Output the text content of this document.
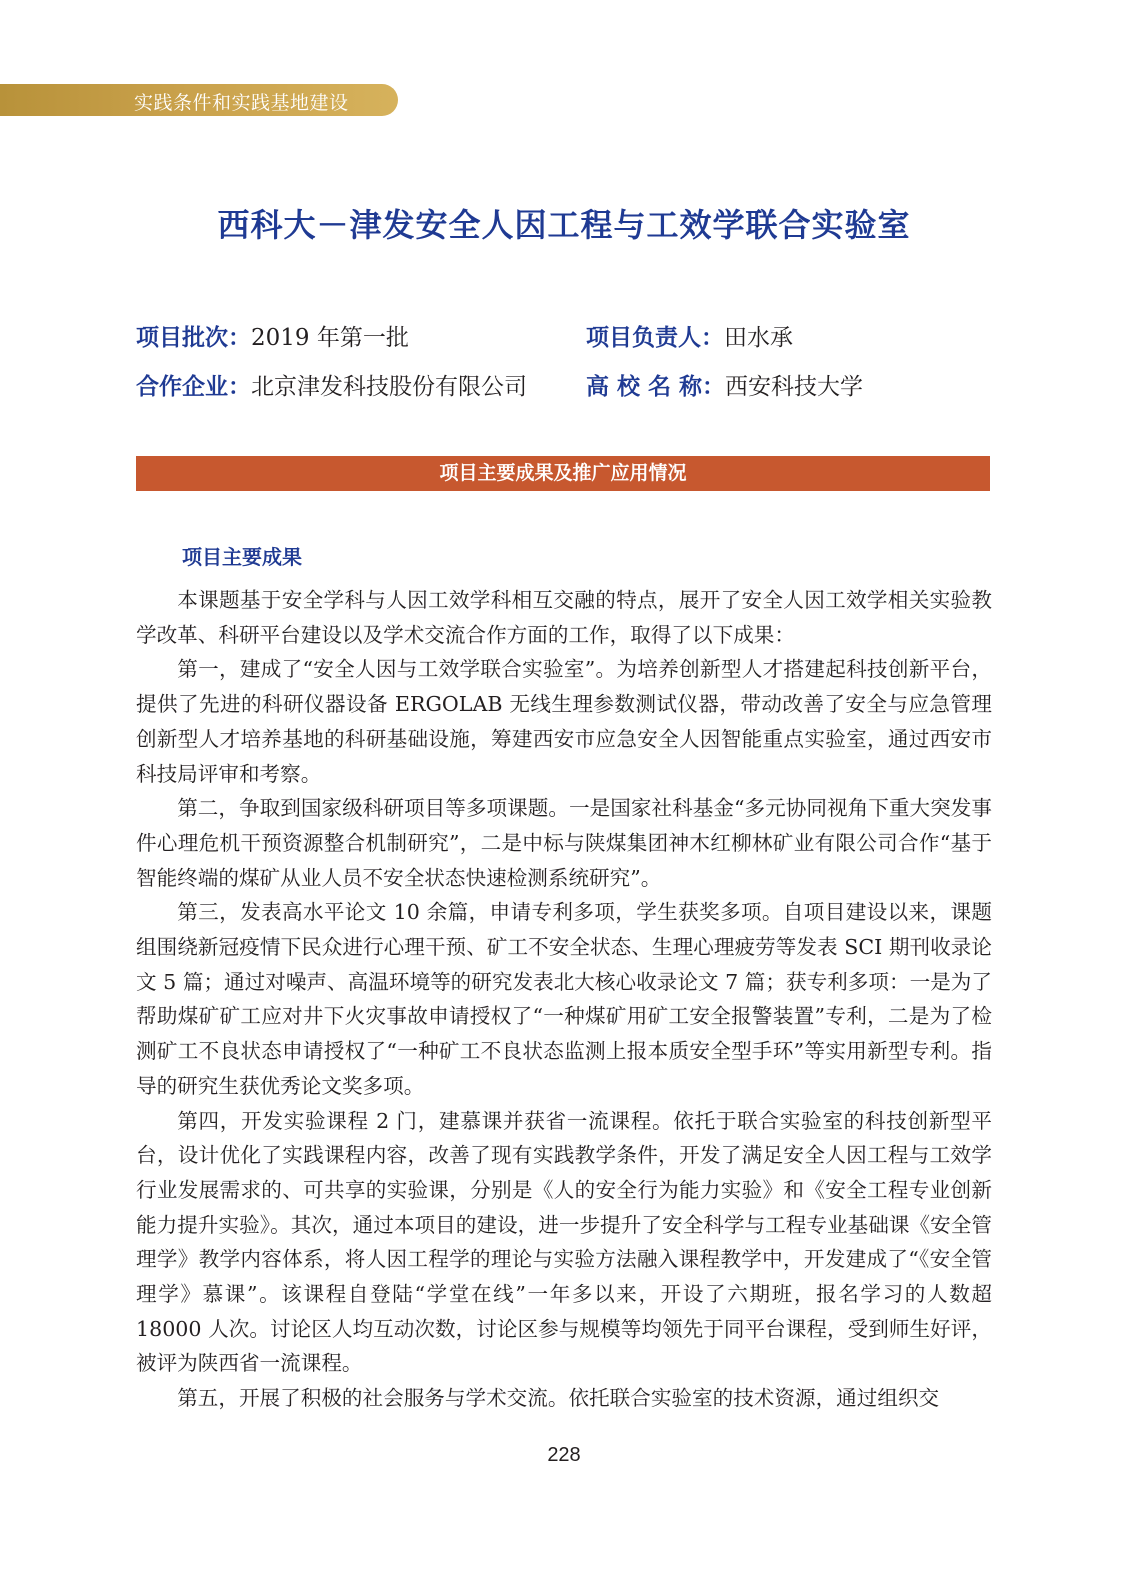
实践条件和实践基地建设
西科大－津发安全人因工程与工效学联合实验室
项目批次：2019 年第一批	项目负责人：田水承
合作企业：北京津发科技股份有限公司	高 校 名 称：西安科技大学
项目主要成果及推广应用情况
项目主要成果

本课题基于安全学科与人因工效学科相互交融的特点，展开了安全人因工效学相关实验教学改革、科研平台建设以及学术交流合作方面的工作，取得了以下成果：

第一，建成了“安全人因与工效学联合实验室”。为培养创新型人才搭建起科技创新平台，提供了先进的科研仪器设备 ERGOLAB 无线生理参数测试仪器，带动改善了安全与应急管理创新型人才培养基地的科研基础设施，筹建西安市应急安全人因智能重点实验室，通过西安市科技局评审和考察。

第二，争取到国家级科研项目等多项课题。一是国家社科基金“多元协同视角下重大突发事件心理危机干预资源整合机制研究”，二是中标与陕煤集团神木红柳林矿业有限公司合作“基于智能终端的煤矿从业人员不安全状态快速检测系统研究”。

第三，发表高水平论文 10 余篇，申请专利多项，学生获奖多项。自项目建设以来，课题组围绕新冠疫情下民众进行心理干预、矿工不安全状态、生理心理疲劳等发表 SCI 期刊收录论文 5 篇；通过对噪声、高温环境等的研究发表北大核心收录论文 7 篇；获专利多项：一是为了帮助煤矿矿工应对井下火灾事故申请授权了“一种煤矿用矿工安全报警装置”专利，二是为了检测矿工不良状态申请授权了“一种矿工不良状态监测上报本质安全型手环”等实用新型专利。指导的研究生获优秀论文奖多项。

第四，开发实验课程 2 门，建慕课并获省一流课程。依托于联合实验室的科技创新型平台，设计优化了实践课程内容，改善了现有实践教学条件，开发了满足安全人因工程与工效学行业发展需求的、可共享的实验课，分别是《人的安全行为能力实验》和《安全工程专业创新能力提升实验》。其次，通过本项目的建设，进一步提升了安全科学与工程专业基础课《安全管理学》教学内容体系，将人因工程学的理论与实验方法融入课程教学中，开发建成了“《安全管理学》慕课”。该课程自登陆“学堂在线”一年多以来，开设了六期班，报名学习的人数超 18000 人次。讨论区人均互动次数，讨论区参与规模等均领先于同平台课程，受到师生好评，被评为陕西省一流课程。

第五，开展了积极的社会服务与学术交流。依托联合实验室的技术资源，通过组织交

228
